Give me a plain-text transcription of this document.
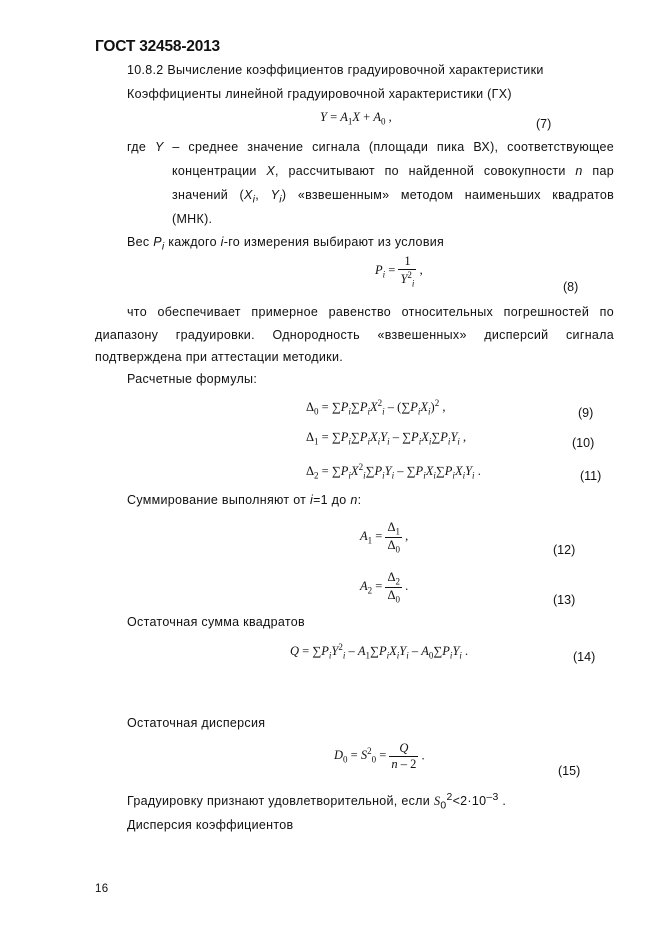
ГОСТ 32458-2013
10.8.2 Вычисление коэффициентов градуировочной характеристики
Коэффициенты линейной градуировочной характеристики (ГХ)
$Y = A_1X + A_0$ ,	(7)
где Y – среднее значение сигнала (площади пика ВХ), соответствующее
концентрации X, рассчитывают по найденной совокупности n пар
значений ($X_i$, $Y_i$) «взвешенным» методом наименьших квадратов
(МНК).
Вес $P_i$ каждого i-го измерения выбирают из условия
$P_i = \frac{1}{Y^2_i}$ ,
(8)
что обеспечивает примерное равенство относительных погрешностей по
диапазону градуировки. Однородность «взвешенных» дисперсий сигнала
подтверждена при аттестации методики.
Расчетные формулы:
$\Delta_0 = \sum P_i\sum P_iX^2_i - (\sum P_iX_i)^2$ ,	(9)
$\Delta_1 = \sum P_i\sum P_iX_iY_i - \sum P_iX_i\sum P_iY_i$ ,	(10)
$\Delta_2 = \sum P_iX^2_i\sum P_iY_i - \sum P_iX_i\sum P_iX_iY_i$ .	(11)
Суммирование выполняют от i=1 до n:
$A_1 = \frac{\Delta_1}{\Delta_0}$ ,
(12)
$A_2 = \frac{\Delta_2}{\Delta_0}$ .
(13)
Остаточная сумма квадратов
$Q = \sum P_iY^2_i - A_1\sum P_iX_iY_i - A_0\sum P_iY_i$ .	(14)
Остаточная дисперсия
$D_0 = S^2_0 = \frac{Q}{n - 2}$ .
(15)
Градуировку признают удовлетворительной, если $S_0^2<2\cdot 10^{-3}$ .
Дисперсия коэффициентов
16
